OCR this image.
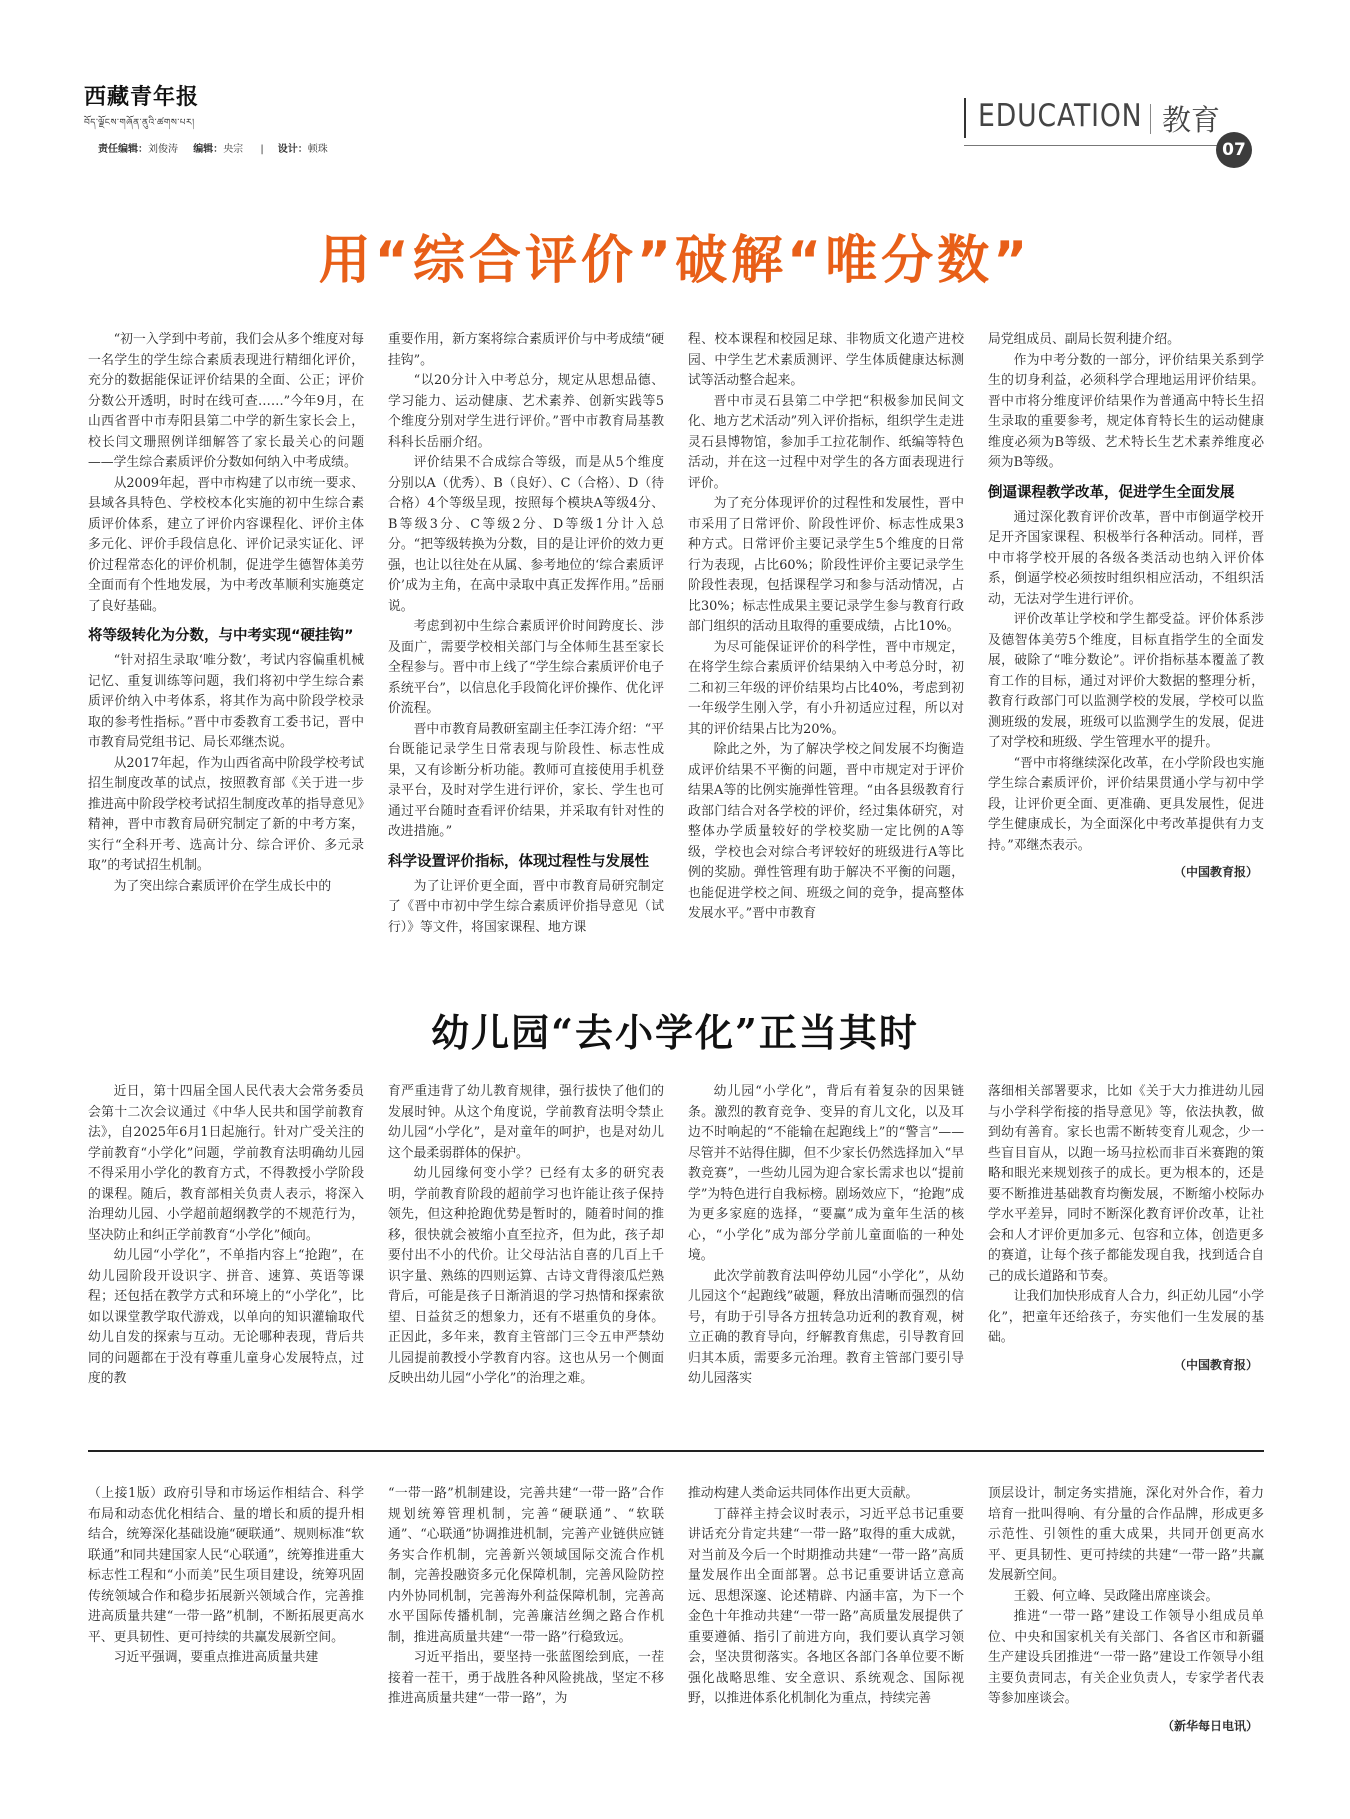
西藏青年报
བོད་ལྗོངས་གཞོན་ནུའི་ཚགས་པར།
责任编辑：刘俊涛 编辑：央宗 | 设计：顿珠
EDUCATION 教育
07
用“综合评价”破解“唯分数”

“初一入学到中考前，我们会从多个维度对每一名学生的学生综合素质表现进行精细化评价，充分的数据能保证评价结果的全面、公正；评价分数公开透明，时时在线可查……”今年9月，在山西省晋中市寿阳县第二中学的新生家长会上，校长闫文珊照例详细解答了家长最关心的问题——学生综合素质评价分数如何纳入中考成绩。

从2009年起，晋中市构建了以市统一要求、县域各具特色、学校校本化实施的初中生综合素质评价体系，建立了评价内容课程化、评价主体多元化、评价手段信息化、评价记录实证化、评价过程常态化的评价机制，促进学生德智体美劳全面而有个性地发展，为中考改革顺利实施奠定了良好基础。

将等级转化为分数，与中考实现“硬挂钩”

“针对招生录取‘唯分数’，考试内容偏重机械记忆、重复训练等问题，我们将初中学生综合素质评价纳入中考体系，将其作为高中阶段学校录取的参考性指标。”晋中市委教育工委书记，晋中市教育局党组书记、局长邓继杰说。

从2017年起，作为山西省高中阶段学校考试招生制度改革的试点，按照教育部《关于进一步推进高中阶段学校考试招生制度改革的指导意见》精神，晋中市教育局研究制定了新的中考方案，实行“全科开考、选高计分、综合评价、多元录取”的考试招生机制。

为了突出综合素质评价在学生成长中的

重要作用，新方案将综合素质评价与中考成绩“硬挂钩”。

“以20分计入中考总分，规定从思想品德、学习能力、运动健康、艺术素养、创新实践等5个维度分别对学生进行评价。”晋中市教育局基教科科长岳丽介绍。

评价结果不合成综合等级，而是从5个维度分别以A（优秀）、B（良好）、C（合格）、D（待合格）4个等级呈现，按照每个模块A等级4分、B等级3分、C等级2分、D等级1分计入总分。“把等级转换为分数，目的是让评价的效力更强，也让以往处在从属、参考地位的‘综合素质评价’成为主角，在高中录取中真正发挥作用。”岳丽说。

考虑到初中生综合素质评价时间跨度长、涉及面广，需要学校相关部门与全体师生甚至家长全程参与。晋中市上线了“学生综合素质评价电子系统平台”，以信息化手段简化评价操作、优化评价流程。

晋中市教育局教研室副主任李江涛介绍：“平台既能记录学生日常表现与阶段性、标志性成果，又有诊断分析功能。教师可直接使用手机登录平台，及时对学生进行评价，家长、学生也可通过平台随时查看评价结果，并采取有针对性的改进措施。”

科学设置评价指标，体现过程性与发展性

为了让评价更全面，晋中市教育局研究制定了《晋中市初中学生综合素质评价指导意见（试行）》等文件，将国家课程、地方课

程、校本课程和校园足球、非物质文化遗产进校园、中学生艺术素质测评、学生体质健康达标测试等活动整合起来。

晋中市灵石县第二中学把“积极参加民间文化、地方艺术活动”列入评价指标，组织学生走进灵石县博物馆，参加手工拉花制作、纸编等特色活动，并在这一过程中对学生的各方面表现进行评价。

为了充分体现评价的过程性和发展性，晋中市采用了日常评价、阶段性评价、标志性成果3种方式。日常评价主要记录学生5个维度的日常行为表现，占比60%；阶段性评价主要记录学生阶段性表现，包括课程学习和参与活动情况，占比30%；标志性成果主要记录学生参与教育行政部门组织的活动且取得的重要成绩，占比10%。

为尽可能保证评价的科学性，晋中市规定，在将学生综合素质评价结果纳入中考总分时，初二和初三年级的评价结果均占比40%，考虑到初一年级学生刚入学，有小升初适应过程，所以对其的评价结果占比为20%。

除此之外，为了解决学校之间发展不均衡造成评价结果不平衡的问题，晋中市规定对于评价结果A等的比例实施弹性管理。“由各县级教育行政部门结合对各学校的评价，经过集体研究，对整体办学质量较好的学校奖励一定比例的A等级，学校也会对综合考评较好的班级进行A等比例的奖励。弹性管理有助于解决不平衡的问题，也能促进学校之间、班级之间的竞争，提高整体发展水平。”晋中市教育

局党组成员、副局长贺利捷介绍。

作为中考分数的一部分，评价结果关系到学生的切身利益，必须科学合理地运用评价结果。晋中市将分维度评价结果作为普通高中特长生招生录取的重要参考，规定体育特长生的运动健康维度必须为B等级、艺术特长生艺术素养维度必须为B等级。

倒逼课程教学改革，促进学生全面发展

通过深化教育评价改革，晋中市倒逼学校开足开齐国家课程、积极举行各种活动。同样，晋中市将学校开展的各级各类活动也纳入评价体系，倒逼学校必须按时组织相应活动，不组织活动，无法对学生进行评价。

评价改革让学校和学生都受益。评价体系涉及德智体美劳5个维度，目标直指学生的全面发展，破除了“唯分数论”。评价指标基本覆盖了教育工作的目标，通过对评价大数据的整理分析，教育行政部门可以监测学校的发展，学校可以监测班级的发展，班级可以监测学生的发展，促进了对学校和班级、学生管理水平的提升。

“晋中市将继续深化改革，在小学阶段也实施学生综合素质评价，评价结果贯通小学与初中学段，让评价更全面、更准确、更具发展性，促进学生健康成长，为全面深化中考改革提供有力支持。”邓继杰表示。

（中国教育报）
幼儿园“去小学化”正当其时

近日，第十四届全国人民代表大会常务委员会第十二次会议通过《中华人民共和国学前教育法》，自2025年6月1日起施行。针对广受关注的学前教育“小学化”问题，学前教育法明确幼儿园不得采用小学化的教育方式，不得教授小学阶段的课程。随后，教育部相关负责人表示，将深入治理幼儿园、小学超前超纲教学的不规范行为，坚决防止和纠正学前教育“小学化”倾向。

幼儿园“小学化”，不单指内容上“抢跑”，在幼儿园阶段开设识字、拼音、速算、英语等课程；还包括在教学方式和环境上的“小学化”，比如以课堂教学取代游戏，以单向的知识灌输取代幼儿自发的探索与互动。无论哪种表现，背后共同的问题都在于没有尊重儿童身心发展特点，过度的教

育严重违背了幼儿教育规律，强行拔快了他们的发展时钟。从这个角度说，学前教育法明令禁止幼儿园“小学化”，是对童年的呵护，也是对幼儿这个最柔弱群体的保护。

幼儿园缘何变小学？已经有太多的研究表明，学前教育阶段的超前学习也许能让孩子保持领先，但这种抢跑优势是暂时的，随着时间的推移，很快就会被缩小直至拉齐，但为此，孩子却要付出不小的代价。让父母沾沾自喜的几百上千识字量、熟练的四则运算、古诗文背得滚瓜烂熟背后，可能是孩子日渐消退的学习热情和探索欲望、日益贫乏的想象力，还有不堪重负的身体。正因此，多年来，教育主管部门三令五申严禁幼儿园提前教授小学教育内容。这也从另一个侧面反映出幼儿园“小学化”的治理之难。

幼儿园“小学化”，背后有着复杂的因果链条。激烈的教育竞争、变异的育儿文化，以及耳边不时响起的“不能输在起跑线上”的“警言”——尽管并不站得住脚，但不少家长仍然选择加入“早教竞赛”，一些幼儿园为迎合家长需求也以“提前学”为特色进行自我标榜。剧场效应下，“抢跑”成为更多家庭的选择，“要赢”成为童年生活的核心，“小学化”成为部分学前儿童面临的一种处境。

此次学前教育法叫停幼儿园“小学化”，从幼儿园这个“起跑线”破题，释放出清晰而强烈的信号，有助于引导各方扭转急功近利的教育观，树立正确的教育导向，纾解教育焦虑，引导教育回归其本质，需要多元治理。教育主管部门要引导幼儿园落实

落细相关部署要求，比如《关于大力推进幼儿园与小学科学衔接的指导意见》等，依法执教，做到幼有善育。家长也需不断转变育儿观念，少一些盲目盲从，以跑一场马拉松而非百米赛跑的策略和眼光来规划孩子的成长。更为根本的，还是要不断推进基础教育均衡发展，不断缩小校际办学水平差异，同时不断深化教育评价改革，让社会和人才评价更加多元、包容和立体，创造更多的赛道，让每个孩子都能发现自我，找到适合自己的成长道路和节奏。

让我们加快形成育人合力，纠正幼儿园“小学化”，把童年还给孩子，夯实他们一生发展的基础。

（中国教育报）

（上接1版）政府引导和市场运作相结合、科学布局和动态优化相结合、量的增长和质的提升相结合，统筹深化基础设施“硬联通”、规则标准“软联通”和同共建国家人民“心联通”，统筹推进重大标志性工程和“小而美”民生项目建设，统筹巩固传统领域合作和稳步拓展新兴领域合作，完善推进高质量共建“一带一路”机制，不断拓展更高水平、更具韧性、更可持续的共赢发展新空间。

习近平强调，要重点推进高质量共建

“一带一路”机制建设，完善共建“一带一路”合作规划统筹管理机制，完善“硬联通”、“软联通”、“心联通”协调推进机制，完善产业链供应链务实合作机制，完善新兴领域国际交流合作机制，完善投融资多元化保障机制，完善风险防控内外协同机制，完善海外利益保障机制，完善高水平国际传播机制，完善廉洁丝绸之路合作机制，推进高质量共建“一带一路”行稳致远。

习近平指出，要坚持一张蓝图绘到底，一茬接着一茬干，勇于战胜各种风险挑战，坚定不移推进高质量共建“一带一路”，为

推动构建人类命运共同体作出更大贡献。

丁薛祥主持会议时表示，习近平总书记重要讲话充分肯定共建“一带一路”取得的重大成就，对当前及今后一个时期推动共建“一带一路”高质量发展作出全面部署。总书记重要讲话立意高远、思想深邃、论述精辟、内涵丰富，为下一个金色十年推动共建“一带一路”高质量发展提供了重要遵循、指引了前进方向，我们要认真学习领会，坚决贯彻落实。各地区各部门各单位要不断强化战略思维、安全意识、系统观念、国际视野，以推进体系化机制化为重点，持续完善

顶层设计，制定务实措施，深化对外合作，着力培育一批叫得响、有分量的合作品牌，形成更多示范性、引领性的重大成果，共同开创更高水平、更具韧性、更可持续的共建“一带一路”共赢发展新空间。

王毅、何立峰、吴政隆出席座谈会。

推进“一带一路”建设工作领导小组成员单位、中央和国家机关有关部门、各省区市和新疆生产建设兵团推进“一带一路”建设工作领导小组主要负责同志，有关企业负责人，专家学者代表等参加座谈会。

（新华每日电讯）
